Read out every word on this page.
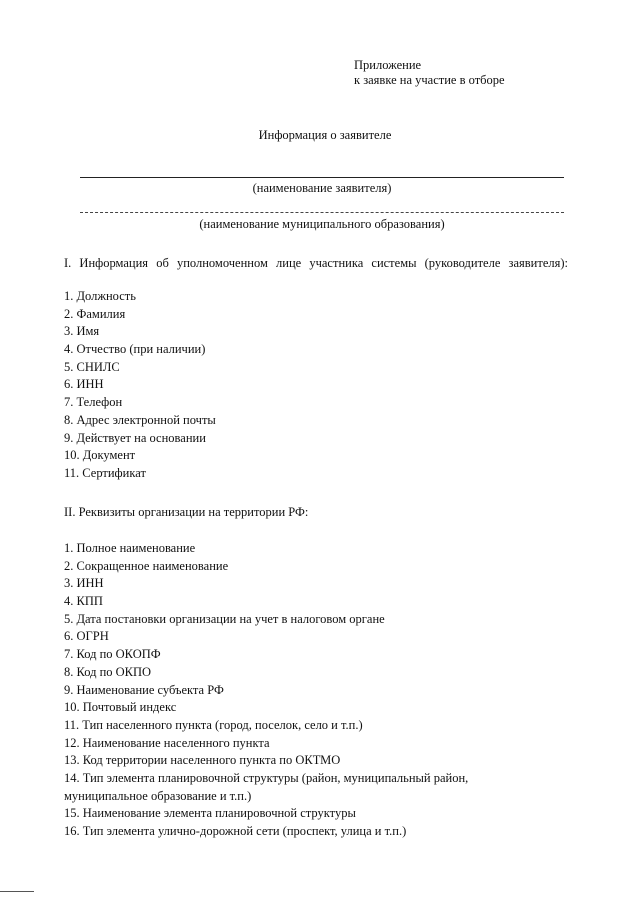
Приложение
к заявке на участие в отборе
Информация о заявителе
(наименование заявителя)
(наименование муниципального образования)
I. Информация об уполномоченном лице участника системы (руководителе заявителя):
1. Должность
2. Фамилия
3. Имя
4. Отчество (при наличии)
5. СНИЛС
6. ИНН
7. Телефон
8. Адрес электронной почты
9. Действует на основании
10. Документ
11. Сертификат
II. Реквизиты организации на территории РФ:
1. Полное наименование
2. Сокращенное наименование
3. ИНН
4. КПП
5. Дата постановки организации на учет в налоговом органе
6. ОГРН
7. Код по ОКОПФ
8. Код по ОКПО
9. Наименование субъекта РФ
10. Почтовый индекс
11. Тип населенного пункта (город, поселок, село и т.п.)
12. Наименование населенного пункта
13. Код территории населенного пункта по ОКТМО
14. Тип элемента планировочной структуры (район, муниципальный район, муниципальное образование и т.п.)
15. Наименование элемента планировочной структуры
16. Тип элемента улично-дорожной сети (проспект, улица и т.п.)
